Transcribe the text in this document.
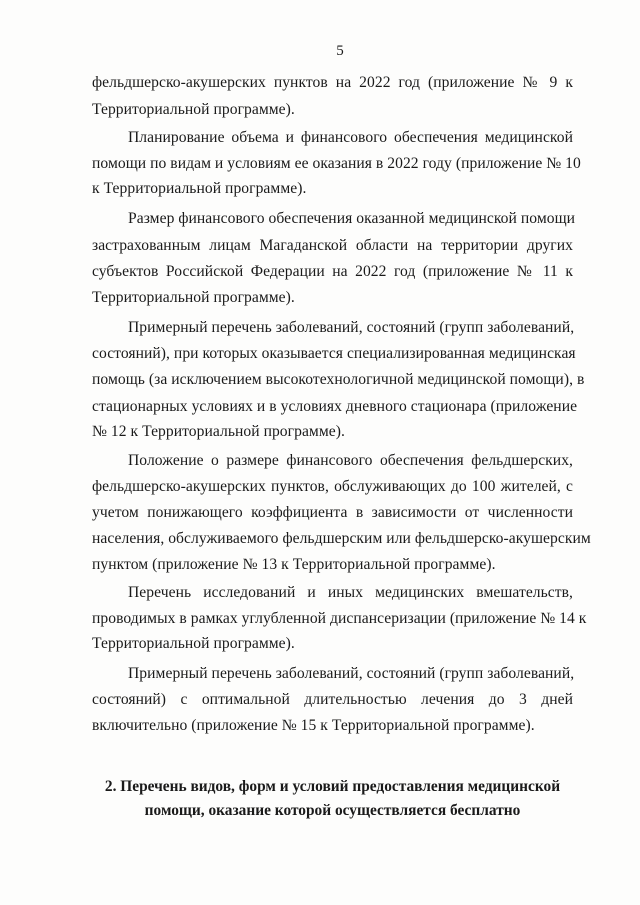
5
фельдшерско-акушерских пунктов на 2022 год (приложение № 9 к
Территориальной программе).
Планирование объема и финансового обеспечения медицинской
помощи по видам и условиям ее оказания в 2022 году (приложение № 10
к Территориальной программе).
Размер финансового обеспечения оказанной медицинской помощи
застрахованным лицам Магаданской области на территории других
субъектов Российской Федерации на 2022 год (приложение № 11 к
Территориальной программе).
Примерный перечень заболеваний, состояний (групп заболеваний,
состояний), при которых оказывается специализированная медицинская
помощь (за исключением высокотехнологичной медицинской помощи), в
стационарных условиях и в условиях дневного стационара (приложение
№ 12 к Территориальной программе).
Положение о размере финансового обеспечения фельдшерских,
фельдшерско-акушерских пунктов, обслуживающих до 100 жителей, с
учетом понижающего коэффициента в зависимости от численности
населения, обслуживаемого фельдшерским или фельдшерско-акушерским
пунктом (приложение № 13 к Территориальной программе).
Перечень исследований и иных медицинских вмешательств,
проводимых в рамках углубленной диспансеризации (приложение № 14 к
Территориальной программе).
Примерный перечень заболеваний, состояний (групп заболеваний,
состояний) с оптимальной длительностью лечения до 3 дней
включительно (приложение № 15 к Территориальной программе).
2. Перечень видов, форм и условий предоставления медицинской
помощи, оказание которой осуществляется бесплатно
